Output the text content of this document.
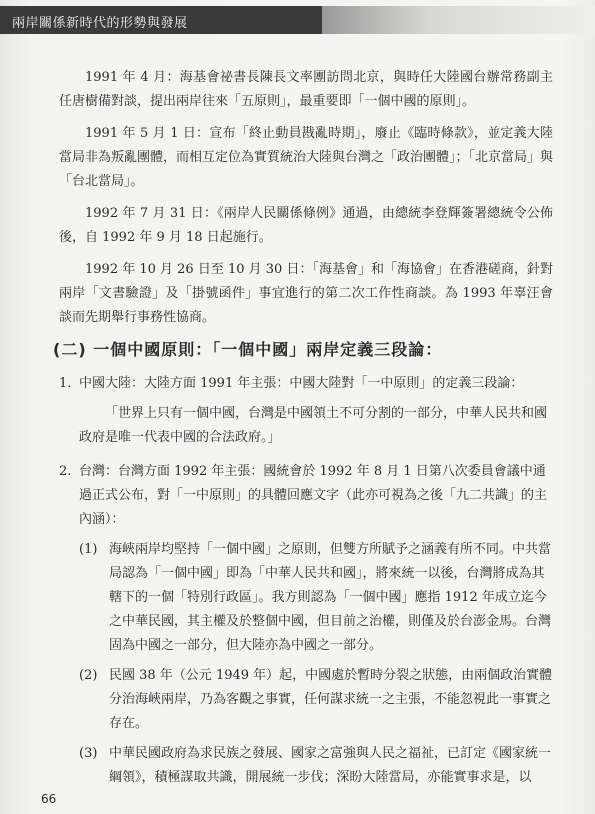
兩岸關係新時代的形勢與發展

1991 年 4 月：海基會祕書長陳長文率團訪問北京，與時任大陸國台辦常務副主任唐樹備對談，提出兩岸往來「五原則」，最重要即「一個中國的原則」。

1991 年 5 月 1 日：宣布「終止動員戡亂時期」，廢止《臨時條款》，並定義大陸當局非為叛亂團體，而相互定位為實質統治大陸與台灣之「政治團體」；「北京當局」與「台北當局」。

1992 年 7 月 31 日：《兩岸人民關係條例》通過，由總統李登輝簽署總統令公佈後，自 1992 年 9 月 18 日起施行。

1992 年 10 月 26 日至 10 月 30 日：「海基會」和「海協會」在香港磋商，針對兩岸「文書驗證」及「掛號函件」事宜進行的第二次工作性商談。為 1993 年辜汪會談而先期舉行事務性協商。

(二) 一個中國原則：「一個中國」兩岸定義三段論：
1. 中國大陸：大陸方面 1991 年主張：中國大陸對「一中原則」的定義三段論：

「世界上只有一個中國，台灣是中國領土不可分割的一部分，中華人民共和國政府是唯一代表中國的合法政府。」

2. 台灣：台灣方面 1992 年主張：國統會於 1992 年 8 月 1 日第八次委員會議中通過正式公布，對「一中原則」的具體回應文字（此亦可視為之後「九二共識」的主內涵）：
(1) 海峽兩岸均堅持「一個中國」之原則，但雙方所賦予之涵義有所不同。中共當局認為「一個中國」即為「中華人民共和國」，將來統一以後，台灣將成為其轄下的一個「特別行政區」。我方則認為「一個中國」應指 1912 年成立迄今之中華民國，其主權及於整個中國，但目前之治權，則僅及於台澎金馬。台灣固為中國之一部分，但大陸亦為中國之一部分。
(2) 民國 38 年（公元 1949 年）起，中國處於暫時分裂之狀態，由兩個政治實體分治海峽兩岸，乃為客觀之事實，任何謀求統一之主張，不能忽視此一事實之存在。
(3) 中華民國政府為求民族之發展、國家之富強與人民之福祉，已訂定《國家統一綱領》，積極謀取共識，開展統一步伐；深盼大陸當局，亦能實事求是，以
66
